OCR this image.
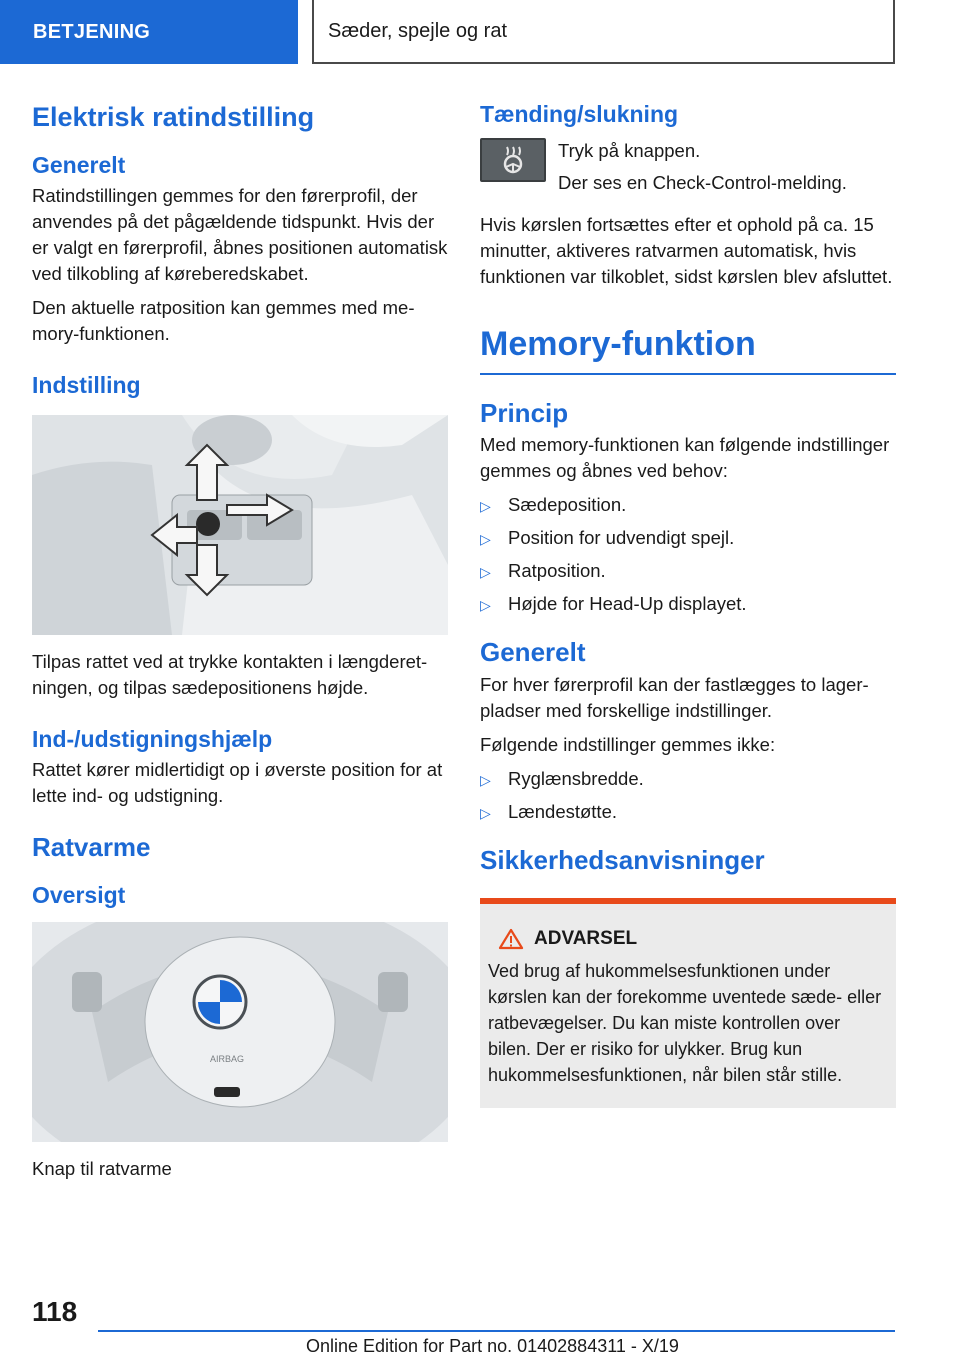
BETJENING	Sæder, spejle og rat
Elektrisk ratindstilling
Generelt

Ratindstillingen gemmes for den førerprofil, der anvendes på det pågældende tidspunkt. Hvis der er valgt en førerprofil, åbnes positionen automatisk ved tilkobling af køreberedskabet.

Den aktuelle ratposition kan gemmes med memory-funktionen.

Indstilling

Tilpas rattet ved at trykke kontakten i længderetningen, og tilpas sædepositionens højde.

Ind-/udstigningshjælp

Rattet kører midlertidigt op i øverste position for at lette ind- og udstigning.

Ratvarme
Oversigt
AIRBAG

Knap til ratvarme

Tænding/slukning

Tryk på knappen.

Der ses en Check-Control-melding.

Hvis kørslen fortsættes efter et ophold på ca. 15 minutter, aktiveres ratvarmen automatisk, hvis funktionen var tilkoblet, sidst kørslen blev afsluttet.

Memory-funktion
Princip

Med memory-funktionen kan følgende indstillinger gemmes og åbnes ved behov:

▷ Sædeposition.
▷ Position for udvendigt spejl.
▷ Ratposition.
▷ Højde for Head-Up displayet.
Generelt

For hver førerprofil kan der fastlægges to lagerpladser med forskellige indstillinger.

Følgende indstillinger gemmes ikke:

▷ Ryglænsbredde.
▷ Lændestøtte.
Sikkerhedsanvisninger
ADVARSEL

Ved brug af hukommelsesfunktionen under kørslen kan der forekomme uventede sæde- eller ratbevægelser. Du kan miste kontrollen over bilen. Der er risiko for ulykker. Brug kun hukommelsesfunktionen, når bilen står stille.

118
Online Edition for Part no. 01402884311 - X/19
